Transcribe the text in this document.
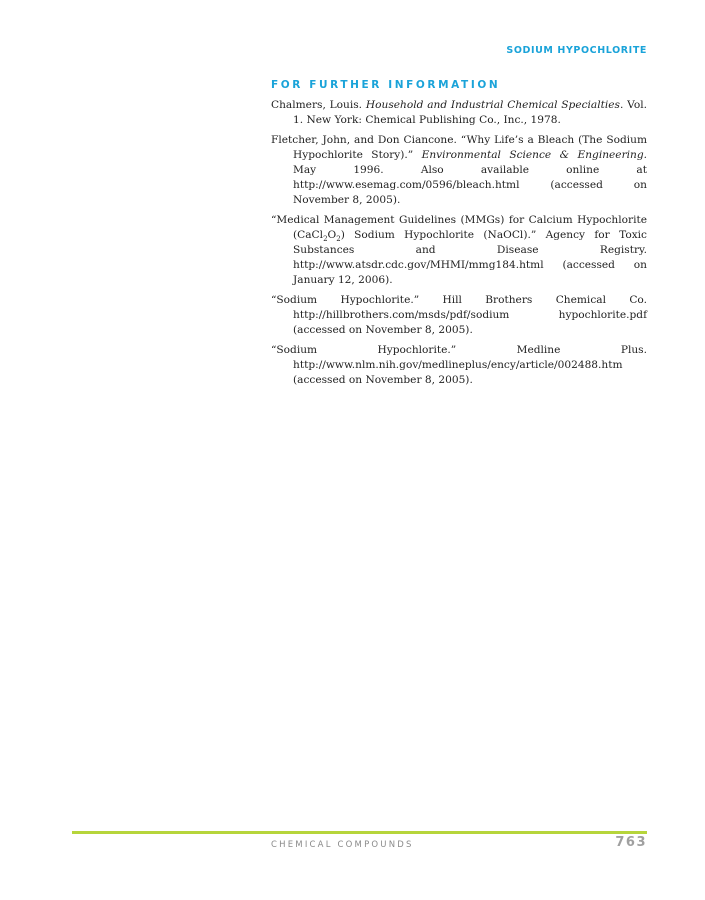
SODIUM HYPOCHLORITE
FOR FURTHER INFORMATION

Chalmers, Louis. Household and Industrial Chemical Specialties. Vol. 1. New York: Chemical Publishing Co., Inc., 1978.

Fletcher, John, and Don Ciancone. “Why Life’s a Bleach (The Sodium Hypochlorite Story).” Environmental Science & Engineering. May 1996. Also available online at http://www.esemag.com/0596/bleach.html (accessed on November 8, 2005).

“Medical Management Guidelines (MMGs) for Calcium Hypochlorite $(CaCl_2O_2)$ Sodium Hypochlorite (NaOCl).” Agency for Toxic Substances and Disease Registry. http://www.atsdr.cdc.gov/MHMI/mmg184.html (accessed on January 12, 2006).

“Sodium Hypochlorite.” Hill Brothers Chemical Co. http://hillbrothers.com/msds/pdf/sodium hypochlorite.pdf (accessed on November 8, 2005).

“Sodium Hypochlorite.” Medline Plus. http://www.nlm.nih.gov/medlineplus/ency/article/002488.htm (accessed on November 8, 2005).

CHEMICAL COMPOUNDS	763
